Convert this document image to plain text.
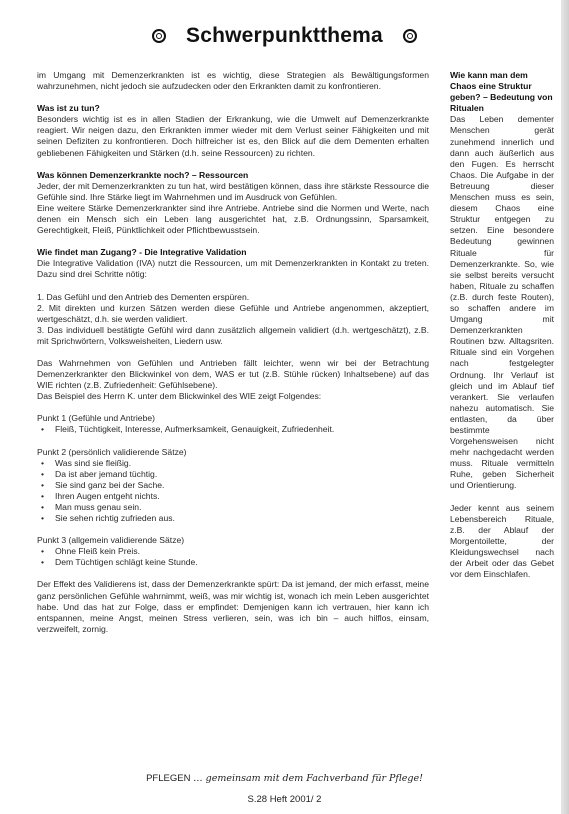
Schwerpunktthema

im Umgang mit Demenzerkrankten ist es wichtig, diese Strategien als Bewältigungsformen wahrzunehmen, nicht jedoch sie aufzudecken oder den Erkrankten damit zu konfrontieren.

Was ist zu tun?

Besonders wichtig ist es in allen Stadien der Erkrankung, wie die Umwelt auf Demenzerkrankte reagiert. Wir neigen dazu, den Erkrankten immer wieder mit dem Verlust seiner Fähigkeiten und mit seinen Defiziten zu konfrontieren. Doch hilfreicher ist es, den Blick auf die dem Dementen erhalten gebliebenen Fähigkeiten und Stärken (d.h. seine Ressourcen) zu richten.

Was können Demenzerkrankte noch? – Ressourcen

Jeder, der mit Demenzerkrankten zu tun hat, wird bestätigen können, dass ihre stärkste Ressource die Gefühle sind. Ihre Stärke liegt im Wahrnehmen und im Ausdruck von Gefühlen.

Eine weitere Stärke Demenzerkrankter sind ihre Antriebe. Antriebe sind die Normen und Werte, nach denen ein Mensch sich ein Leben lang ausgerichtet hat, z.B. Ordnungssinn, Sparsamkeit, Gerechtigkeit, Fleiß, Pünktlichkeit oder Pflichtbewusstsein.

Wie findet man Zugang? - Die Integrative Validation

Die Integrative Validation (IVA) nutzt die Ressourcen, um mit Demenzerkrankten in Kontakt zu treten. Dazu sind drei Schritte nötig:

1. Das Gefühl und den Antrieb des Dementen erspüren.

2. Mit direkten und kurzen Sätzen werden diese Gefühle und Antriebe angenommen, akzeptiert, wertgeschätzt, d.h. sie werden validiert.

3. Das individuell bestätigte Gefühl wird dann zusätzlich allgemein validiert (d.h. wertgeschätzt), z.B. mit Sprichwörtern, Volksweisheiten, Liedern usw.

Das Wahrnehmen von Gefühlen und Antrieben fällt leichter, wenn wir bei der Betrachtung Demenzerkrankter den Blickwinkel von dem, WAS er tut (z.B. Stühle rücken) Inhaltsebene) auf das WIE richten (z.B. Zufriedenheit: Gefühlsebene).

Das Beispiel des Herrn K. unter dem Blickwinkel des WIE zeigt Folgendes:

Punkt 1 (Gefühle und Antriebe)

• Fleiß, Tüchtigkeit, Interesse, Aufmerksamkeit, Genauigkeit, Zufriedenheit.

Punkt 2 (persönlich validierende Sätze)

• Was sind sie fleißig.
• Da ist aber jemand tüchtig.
• Sie sind ganz bei der Sache.
• Ihren Augen entgeht nichts.
• Man muss genau sein.
• Sie sehen richtig zufrieden aus.

Punkt 3 (allgemein validierende Sätze)

• Ohne Fleiß kein Preis.
• Dem Tüchtigen schlägt keine Stunde.

Der Effekt des Validierens ist, dass der Demenzerkrankte spürt: Da ist jemand, der mich erfasst, meine ganz persönlichen Gefühle wahrnimmt, weiß, was mir wichtig ist, wonach ich mein Leben ausgerichtet habe. Und das hat zur Folge, dass er empfindet: Demjenigen kann ich vertrauen, hier kann ich entspannen, meine Angst, meinen Stress verlieren, sein, was ich bin – auch hilflos, einsam, verzweifelt, zornig.

Wie kann man dem Chaos eine Struktur geben? – Bedeutung von Ritualen

Das Leben dementer Menschen gerät zunehmend innerlich und dann auch äußerlich aus den Fugen. Es herrscht Chaos. Die Aufgabe in der Betreuung dieser Menschen muss es sein, diesem Chaos eine Struktur entgegen zu setzen. Eine besondere Bedeutung gewinnen Rituale für Demenzerkrankte. So, wie sie selbst bereits versucht haben, Rituale zu schaffen (z.B. durch feste Routen), so schaffen andere im Umgang mit Demenzerkrankten Routinen bzw. Alltagsriten. Rituale sind ein Vorgehen nach festgelegter Ordnung. Ihr Verlauf ist gleich und im Ablauf tief verankert. Sie verlaufen nahezu automatisch. Sie entlasten, da über bestimmte Vorgehensweisen nicht mehr nachgedacht werden muss. Rituale vermitteln Ruhe, geben Sicherheit und Orientierung.

Jeder kennt aus seinem Lebensbereich Rituale, z.B. der Ablauf der Morgentoilette, der Kleidungswechsel nach der Arbeit oder das Gebet vor dem Einschlafen.

PFLEGEN … gemeinsam mit dem Fachverband für Pflege!
S.28 Heft 2001/ 2
